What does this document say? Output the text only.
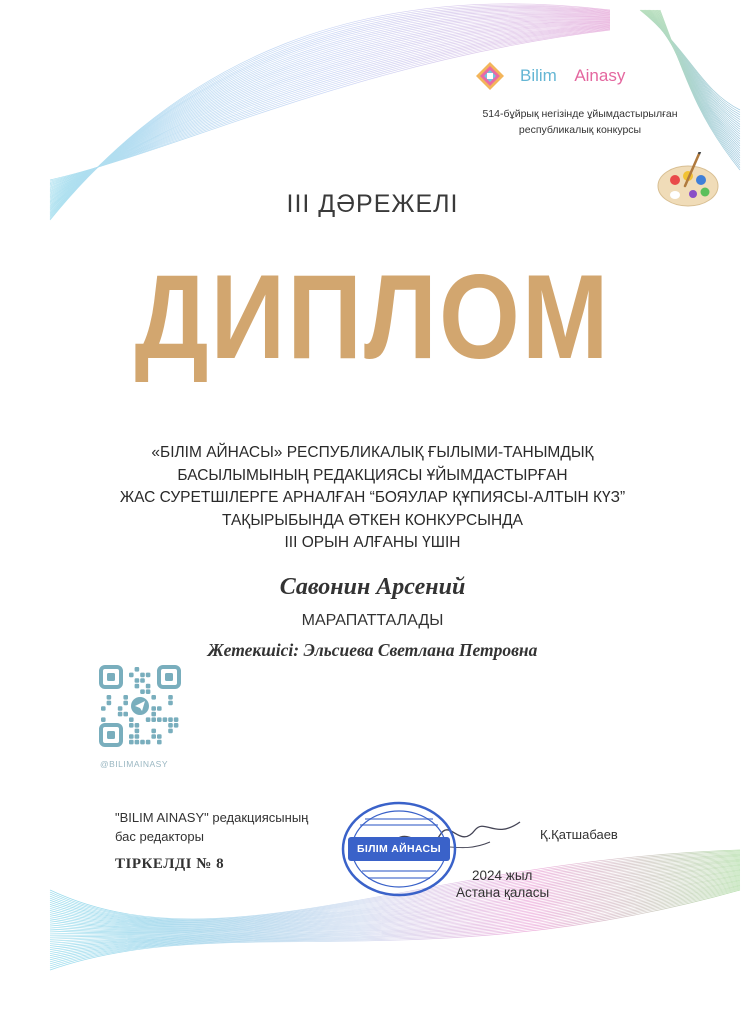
Bilim Ainasy
514-бұйрық негізінде ұйымдастырылған
республикалық конкурсы
III ДӘРЕЖЕЛІ
ДИПЛОМ
«БІЛІМ АЙНАСЫ» РЕСПУБЛИКАЛЫҚ ҒЫЛЫМИ-ТАНЫМДЫҚ
БАСЫЛЫМЫНЫҢ РЕДАКЦИЯСЫ ҰЙЫМДАСТЫРҒАН
ЖАС СУРЕТШІЛЕРГЕ АРНАЛҒАН “БОЯУЛАР ҚҰПИЯСЫ-АЛТЫН КҮЗ”
ТАҚЫРЫБЫНДА ӨТКЕН КОНКУРСЫНДА
III ОРЫН АЛҒАНЫ ҮШІН
Савонин Арсений
МАРАПАТТАЛАДЫ
Жетекшісі: Эльсиева Светлана Петровна
@BILIMAINASY
"BILIM AINASY" редакциясының
бас редакторы	Қ.Қатшабаев
ТІРКЕЛДІ № 8
БІЛІМ АЙНАСЫ
2024 жыл
Астана қаласы
